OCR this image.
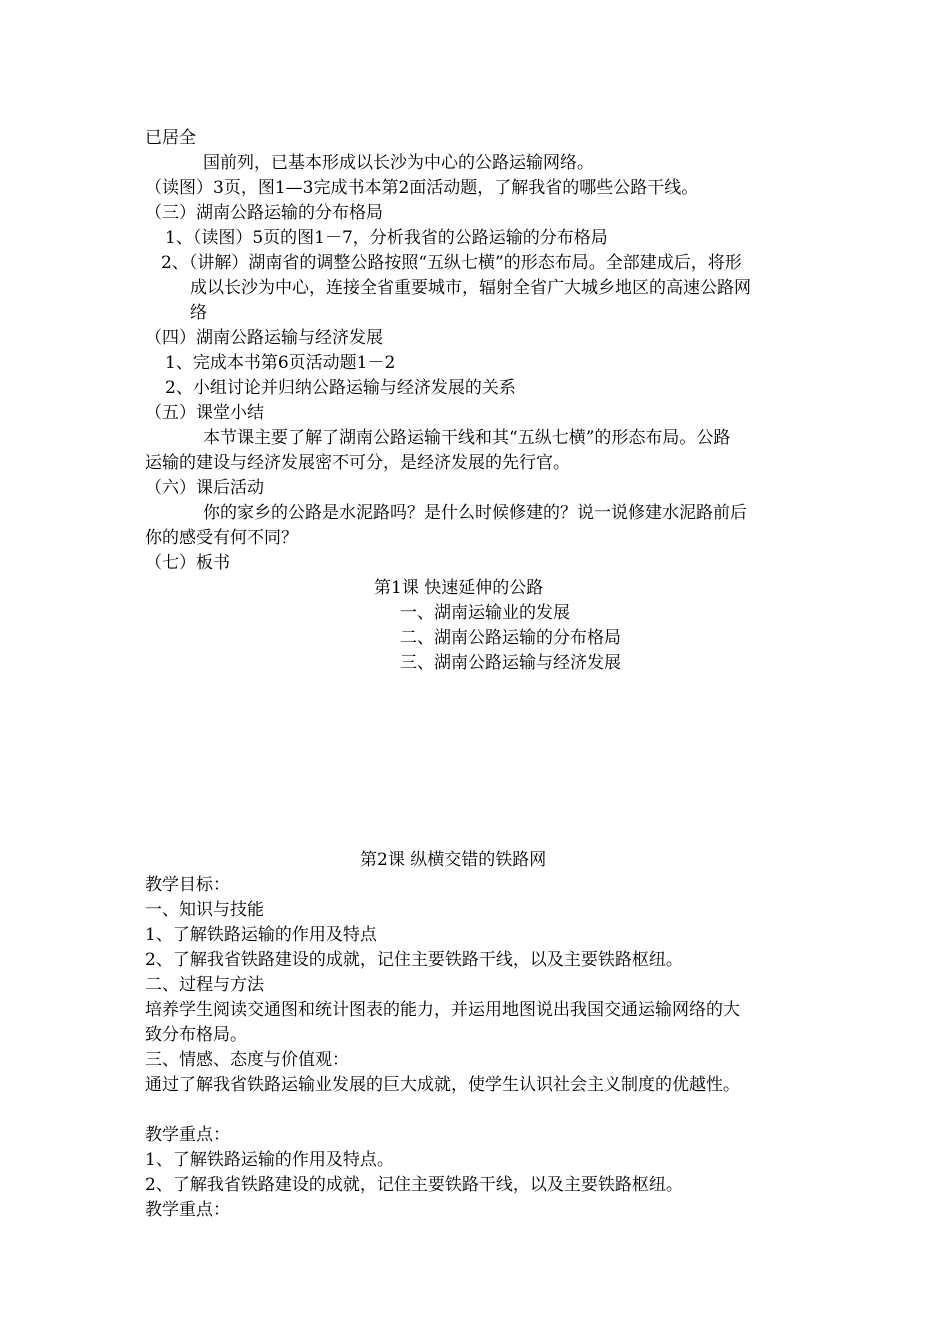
已居全
国前列，已基本形成以长沙为中心的公路运输网络。
（读图）3页，图1—3完成书本第2面活动题，了解我省的哪些公路干线。
（三）湖南公路运输的分布格局
1、（读图）5页的图1－7，分析我省的公路运输的分布格局
2、（讲解）湖南省的调整公路按照“五纵七横”的形态布局。全部建成后，将形
成以长沙为中心，连接全省重要城市，辐射全省广大城乡地区的高速公路网
络
（四）湖南公路运输与经济发展
1、完成本书第6页活动题1－2
2、小组讨论并归纳公路运输与经济发展的关系
（五）课堂小结
本节课主要了解了湖南公路运输干线和其“五纵七横”的形态布局。公路
运输的建设与经济发展密不可分，是经济发展的先行官。
（六）课后活动
你的家乡的公路是水泥路吗？是什么时候修建的？说一说修建水泥路前后
你的感受有何不同？
（七）板书
第1课 快速延伸的公路
一、湖南运输业的发展
二、湖南公路运输的分布格局
三、湖南公路运输与经济发展
第2课 纵横交错的铁路网
教学目标：
一、知识与技能
1、了解铁路运输的作用及特点
2、了解我省铁路建设的成就，记住主要铁路干线，以及主要铁路枢纽。
二、过程与方法
培养学生阅读交通图和统计图表的能力，并运用地图说出我国交通运输网络的大
致分布格局。
三、情感、态度与价值观：
通过了解我省铁路运输业发展的巨大成就，使学生认识社会主义制度的优越性。
教学重点：
1、了解铁路运输的作用及特点。
2、了解我省铁路建设的成就，记住主要铁路干线，以及主要铁路枢纽。
教学重点：
